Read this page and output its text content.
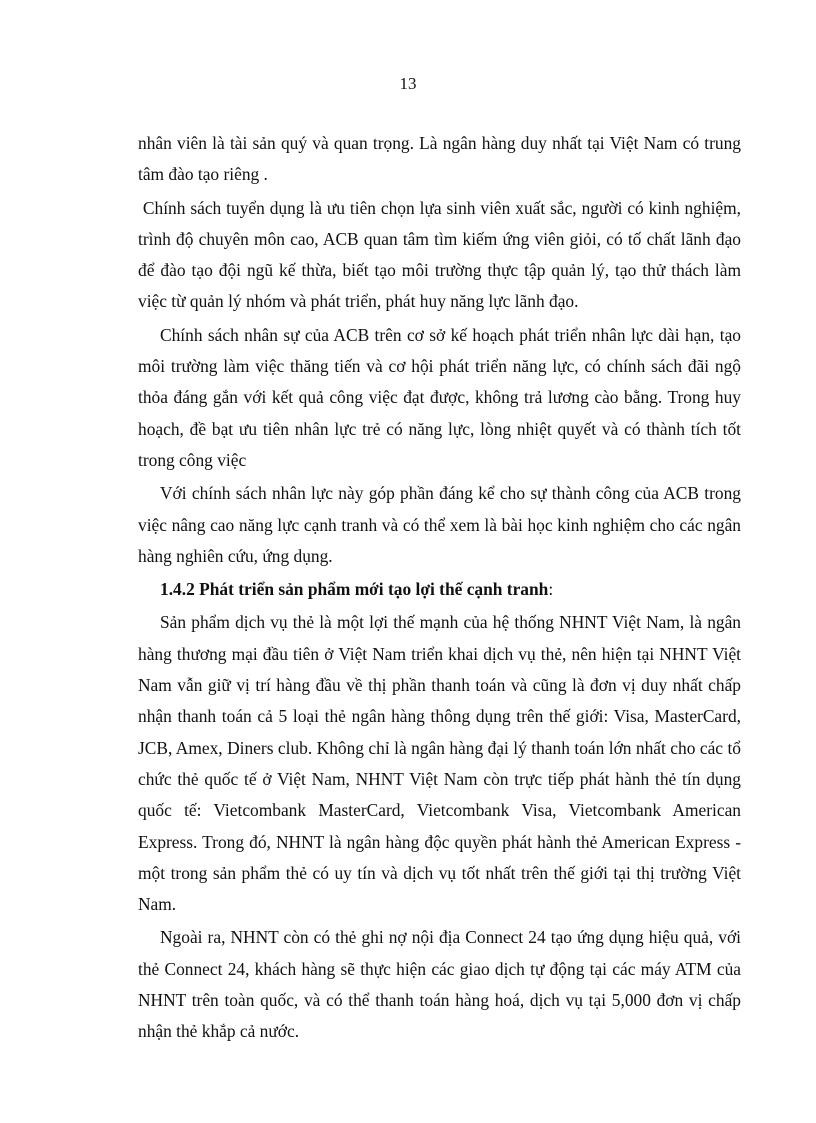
13

nhân viên là tài sản quý và quan trọng. Là ngân hàng duy nhất tại Việt Nam có trung tâm đào tạo riêng .

Chính sách tuyển dụng là ưu tiên chọn lựa sinh viên xuất sắc, người có kinh nghiệm, trình độ chuyên môn cao, ACB quan tâm tìm kiếm ứng viên giỏi, có tố chất lãnh đạo để đào tạo đội ngũ kế thừa, biết tạo môi trường thực tập quản lý, tạo thử thách làm việc từ quản lý nhóm và phát triển, phát huy năng lực lãnh đạo.

Chính sách nhân sự của ACB trên cơ sở kế hoạch phát triển nhân lực dài hạn, tạo môi trường làm việc thăng tiến và cơ hội phát triển năng lực, có chính sách đãi ngộ thỏa đáng gắn với kết quả công việc đạt được, không trả lương cào bằng. Trong huy hoạch, đề bạt ưu tiên nhân lực trẻ có năng lực, lòng nhiệt quyết và có thành tích tốt trong công việc

Với chính sách nhân lực này góp phần đáng kể cho sự thành công của ACB trong việc nâng cao năng lực cạnh tranh và có thể xem là bài học kinh nghiệm cho các ngân hàng nghiên cứu, ứng dụng.

1.4.2 Phát triển sản phẩm mới tạo lợi thế cạnh tranh:

Sản phẩm dịch vụ thẻ là một lợi thế mạnh của hệ thống NHNT Việt Nam, là ngân hàng thương mại đầu tiên ở Việt Nam triển khai dịch vụ thẻ, nên hiện tại NHNT Việt Nam vẫn giữ vị trí hàng đầu về thị phần thanh toán và cũng là đơn vị duy nhất chấp nhận thanh toán cả 5 loại thẻ ngân hàng thông dụng trên thế giới: Visa, MasterCard, JCB, Amex, Diners club. Không chỉ là ngân hàng đại lý thanh toán lớn nhất cho các tổ chức thẻ quốc tế ở Việt Nam, NHNT Việt Nam còn trực tiếp phát hành thẻ tín dụng quốc tế: Vietcombank MasterCard, Vietcombank Visa, Vietcombank American Express. Trong đó, NHNT là ngân hàng độc quyền phát hành thẻ American Express - một trong sản phẩm thẻ có uy tín và dịch vụ tốt nhất trên thế giới tại thị trường Việt Nam.

Ngoài ra, NHNT còn có thẻ ghi nợ nội địa Connect 24 tạo ứng dụng hiệu quả, với thẻ Connect 24, khách hàng sẽ thực hiện các giao dịch tự động tại các máy ATM của NHNT trên toàn quốc, và có thể thanh toán hàng hoá, dịch vụ tại 5,000 đơn vị chấp nhận thẻ khắp cả nước.
